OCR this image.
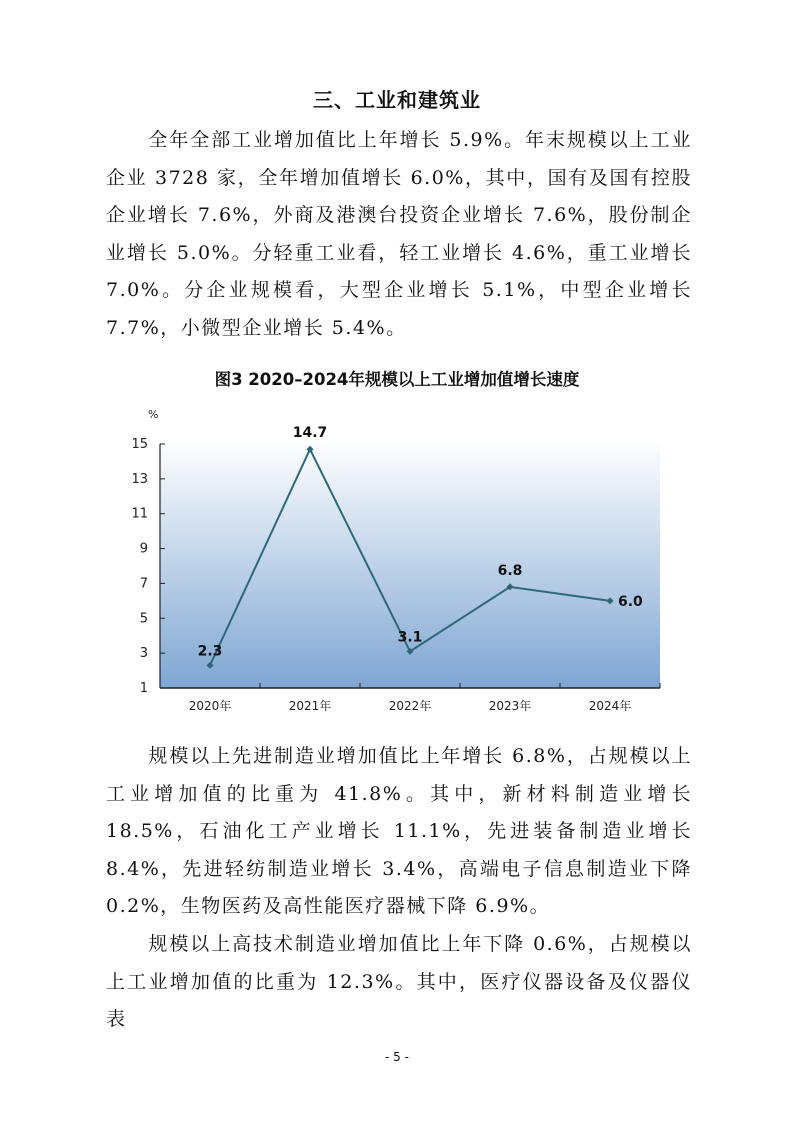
三、工业和建筑业
全年全部工业增加值比上年增长 5.9%。年末规模以上工业企业 3728 家，全年增加值增长 6.0%，其中，国有及国有控股企业增长 7.6%，外商及港澳台投资企业增长 7.6%，股份制企业增长 5.0%。分轻重工业看，轻工业增长 4.6%，重工业增长 7.0%。分企业规模看，大型企业增长 5.1%，中型企业增长 7.7%，小微型企业增长 5.4%。
图3 2020–2024年规模以上工业增加值增长速度
1
3
5
7
9
11
13
15
2020年	2021年	2022年	2023年	2024年
2.3
14.7
3.1
6.8
6.0
%
规模以上先进制造业增加值比上年增长 6.8%，占规模以上工业增加值的比重为 41.8%。其中，新材料制造业增长 18.5%，石油化工产业增长 11.1%，先进装备制造业增长 8.4%，先进轻纺制造业增长 3.4%，高端电子信息制造业下降 0.2%，生物医药及高性能医疗器械下降 6.9%。
规模以上高技术制造业增加值比上年下降 0.6%，占规模以上工业增加值的比重为 12.3%。其中，医疗仪器设备及仪器仪表
- 5 -
